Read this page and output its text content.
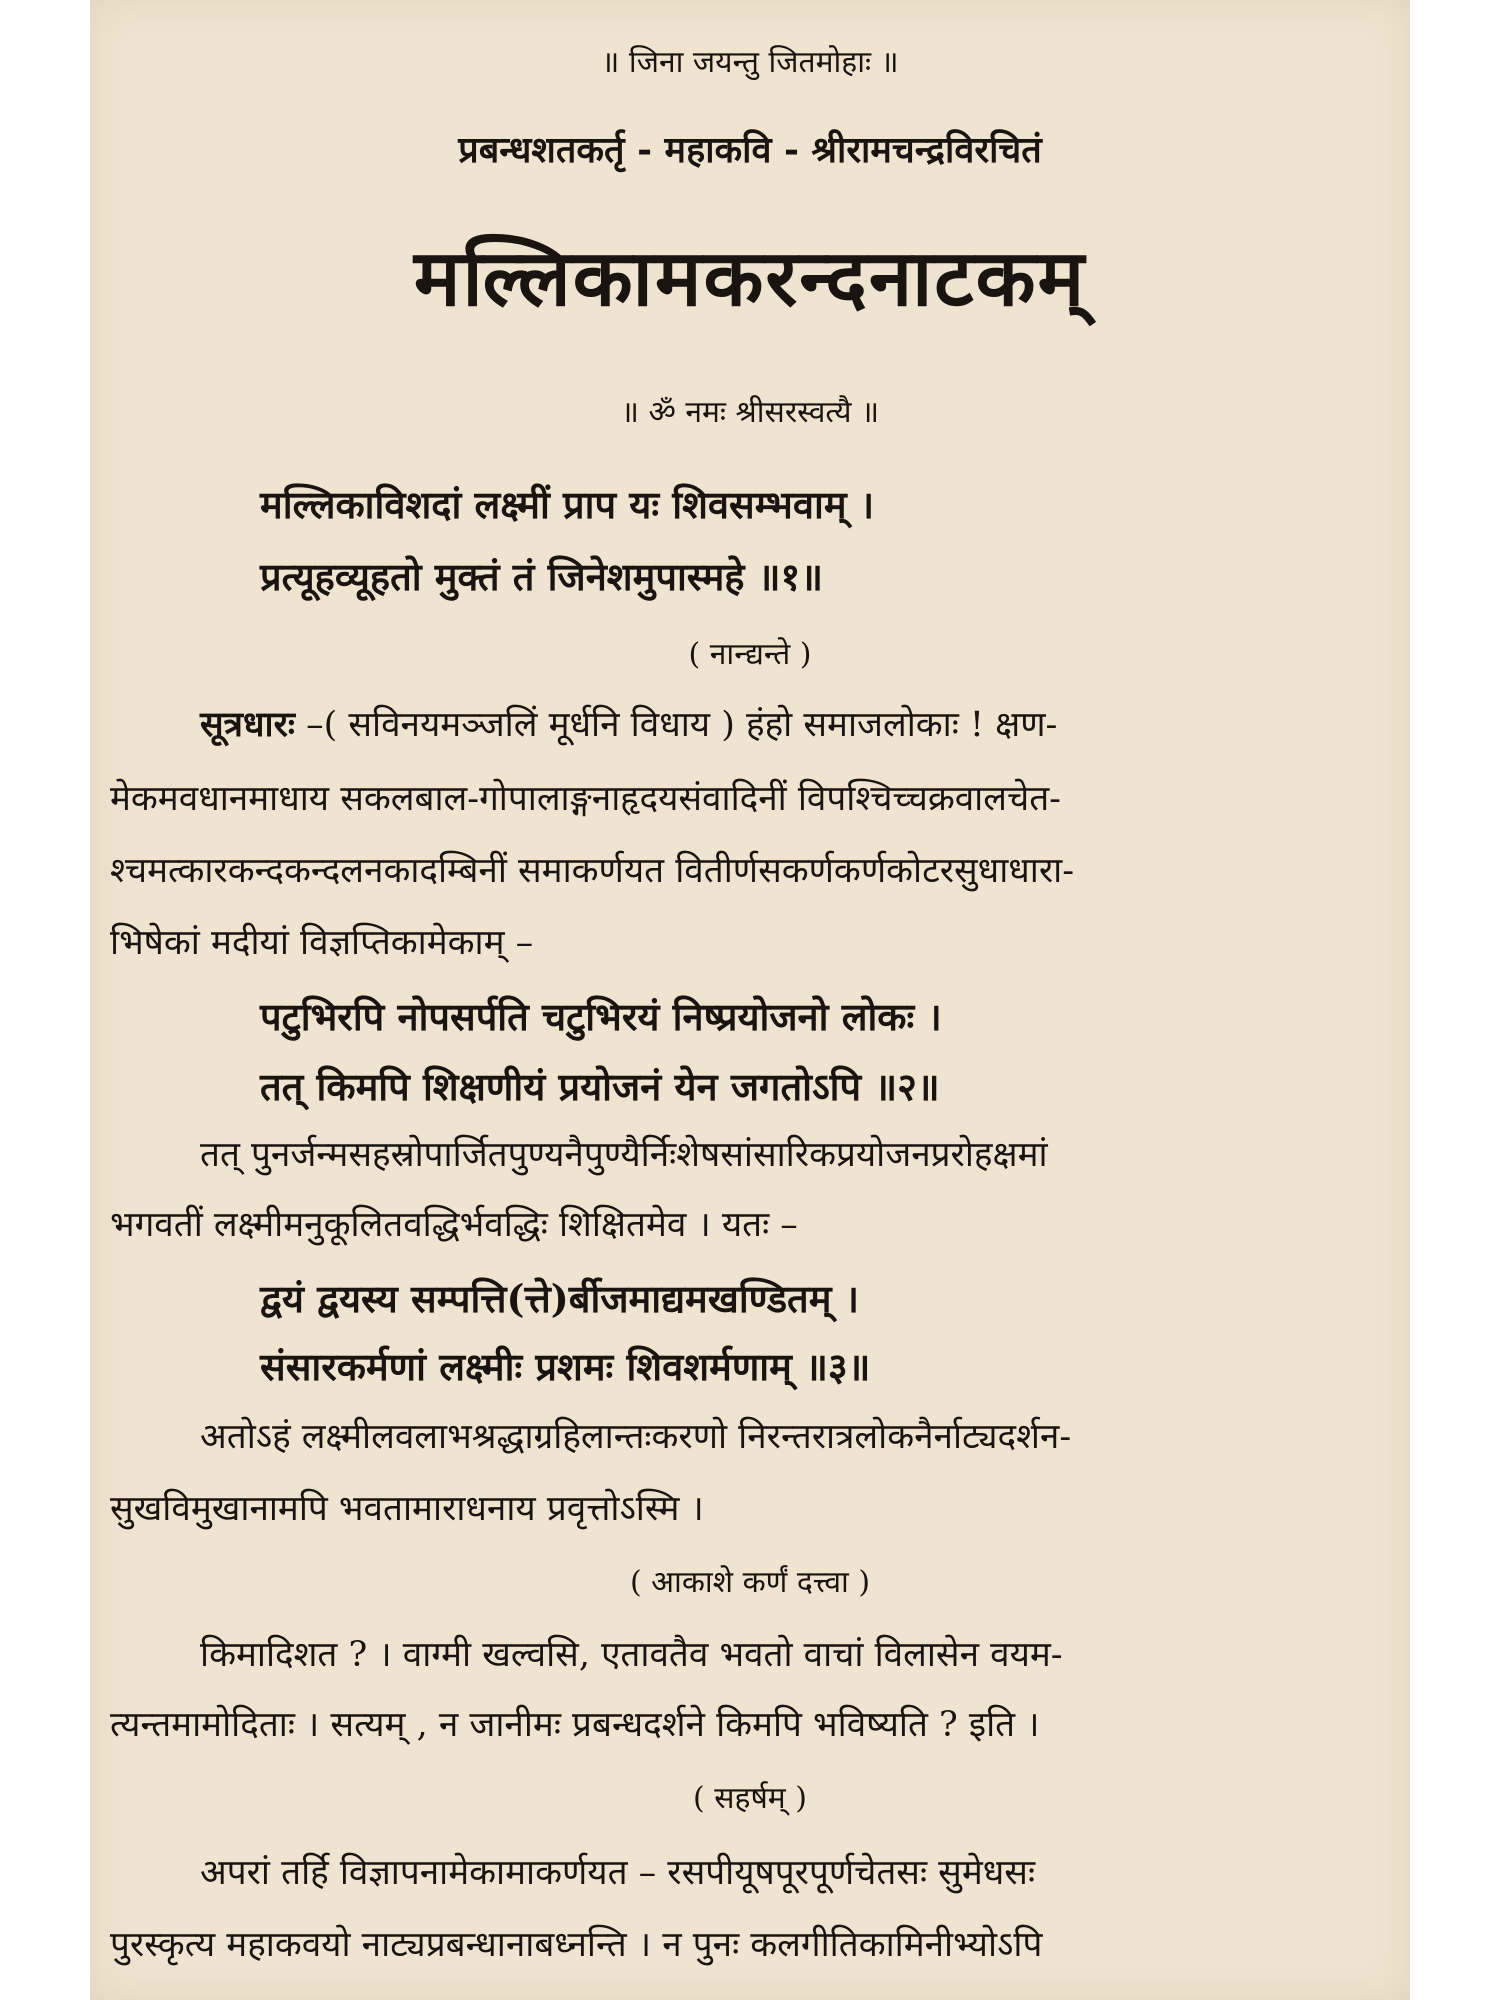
॥ जिना जयन्तु जितमोहाः ॥
प्रबन्धशतकर्तृ - महाकवि - श्रीरामचन्द्रविरचितं
मल्लिकामकरन्दनाटकम्
॥ ॐ नमः श्रीसरस्वत्यै ॥
मल्लिकाविशदां लक्ष्मीं प्राप यः शिवसम्भवाम् ।
प्रत्यूहव्यूहतो मुक्तं तं जिनेशमुपास्महे ॥१॥
( नान्द्यन्ते )
सूत्रधारः –( सविनयमञ्जलिं मूर्धनि विधाय ) हंहो समाजलोकाः ! क्षण-
मेकमवधानमाधाय सकलबाल-गोपालाङ्गनाहृदयसंवादिनीं विपश्चिच्चक्रवालचेत-
श्चमत्कारकन्दकन्दलनकादम्बिनीं समाकर्णयत वितीर्णसकर्णकर्णकोटरसुधाधारा-
भिषेकां मदीयां विज्ञप्तिकामेकाम् –
पटुभिरपि नोपसर्पति चटुभिरयं निष्प्रयोजनो लोकः ।
तत् किमपि शिक्षणीयं प्रयोजनं येन जगतोऽपि ॥२॥
तत् पुनर्जन्मसहस्रोपार्जितपुण्यनैपुण्यैर्निःशेषसांसारिकप्रयोजनप्ररोहक्षमां
भगवतीं लक्ष्मीमनुकूलितवद्धिर्भवद्धिः शिक्षितमेव । यतः –
द्वयं द्वयस्य सम्पत्ति(त्ते)र्बीजमाद्यमखण्डितम् ।
संसारकर्मणां लक्ष्मीः प्रशमः शिवशर्मणाम् ॥३॥
अतोऽहं लक्ष्मीलवलाभश्रद्धाग्रहिलान्तःकरणो निरन्तरात्रलोकनैर्नाट्यदर्शन-
सुखविमुखानामपि भवतामाराधनाय प्रवृत्तोऽस्मि ।
( आकाशे कर्णं दत्त्वा )
किमादिशत ? । वाग्मी खल्वसि, एतावतैव भवतो वाचां विलासेन वयम-
त्यन्तमामोदिताः । सत्यम् , न जानीमः प्रबन्धदर्शने किमपि भविष्यति ? इति ।
( सहर्षम् )
अपरां तर्हि विज्ञापनामेकामाकर्णयत – रसपीयूषपूरपूर्णचेतसः सुमेधसः
पुरस्कृत्य महाकवयो नाट्यप्रबन्धानाबध्नन्ति । न पुनः कलगीतिकामिनीभ्योऽपि
